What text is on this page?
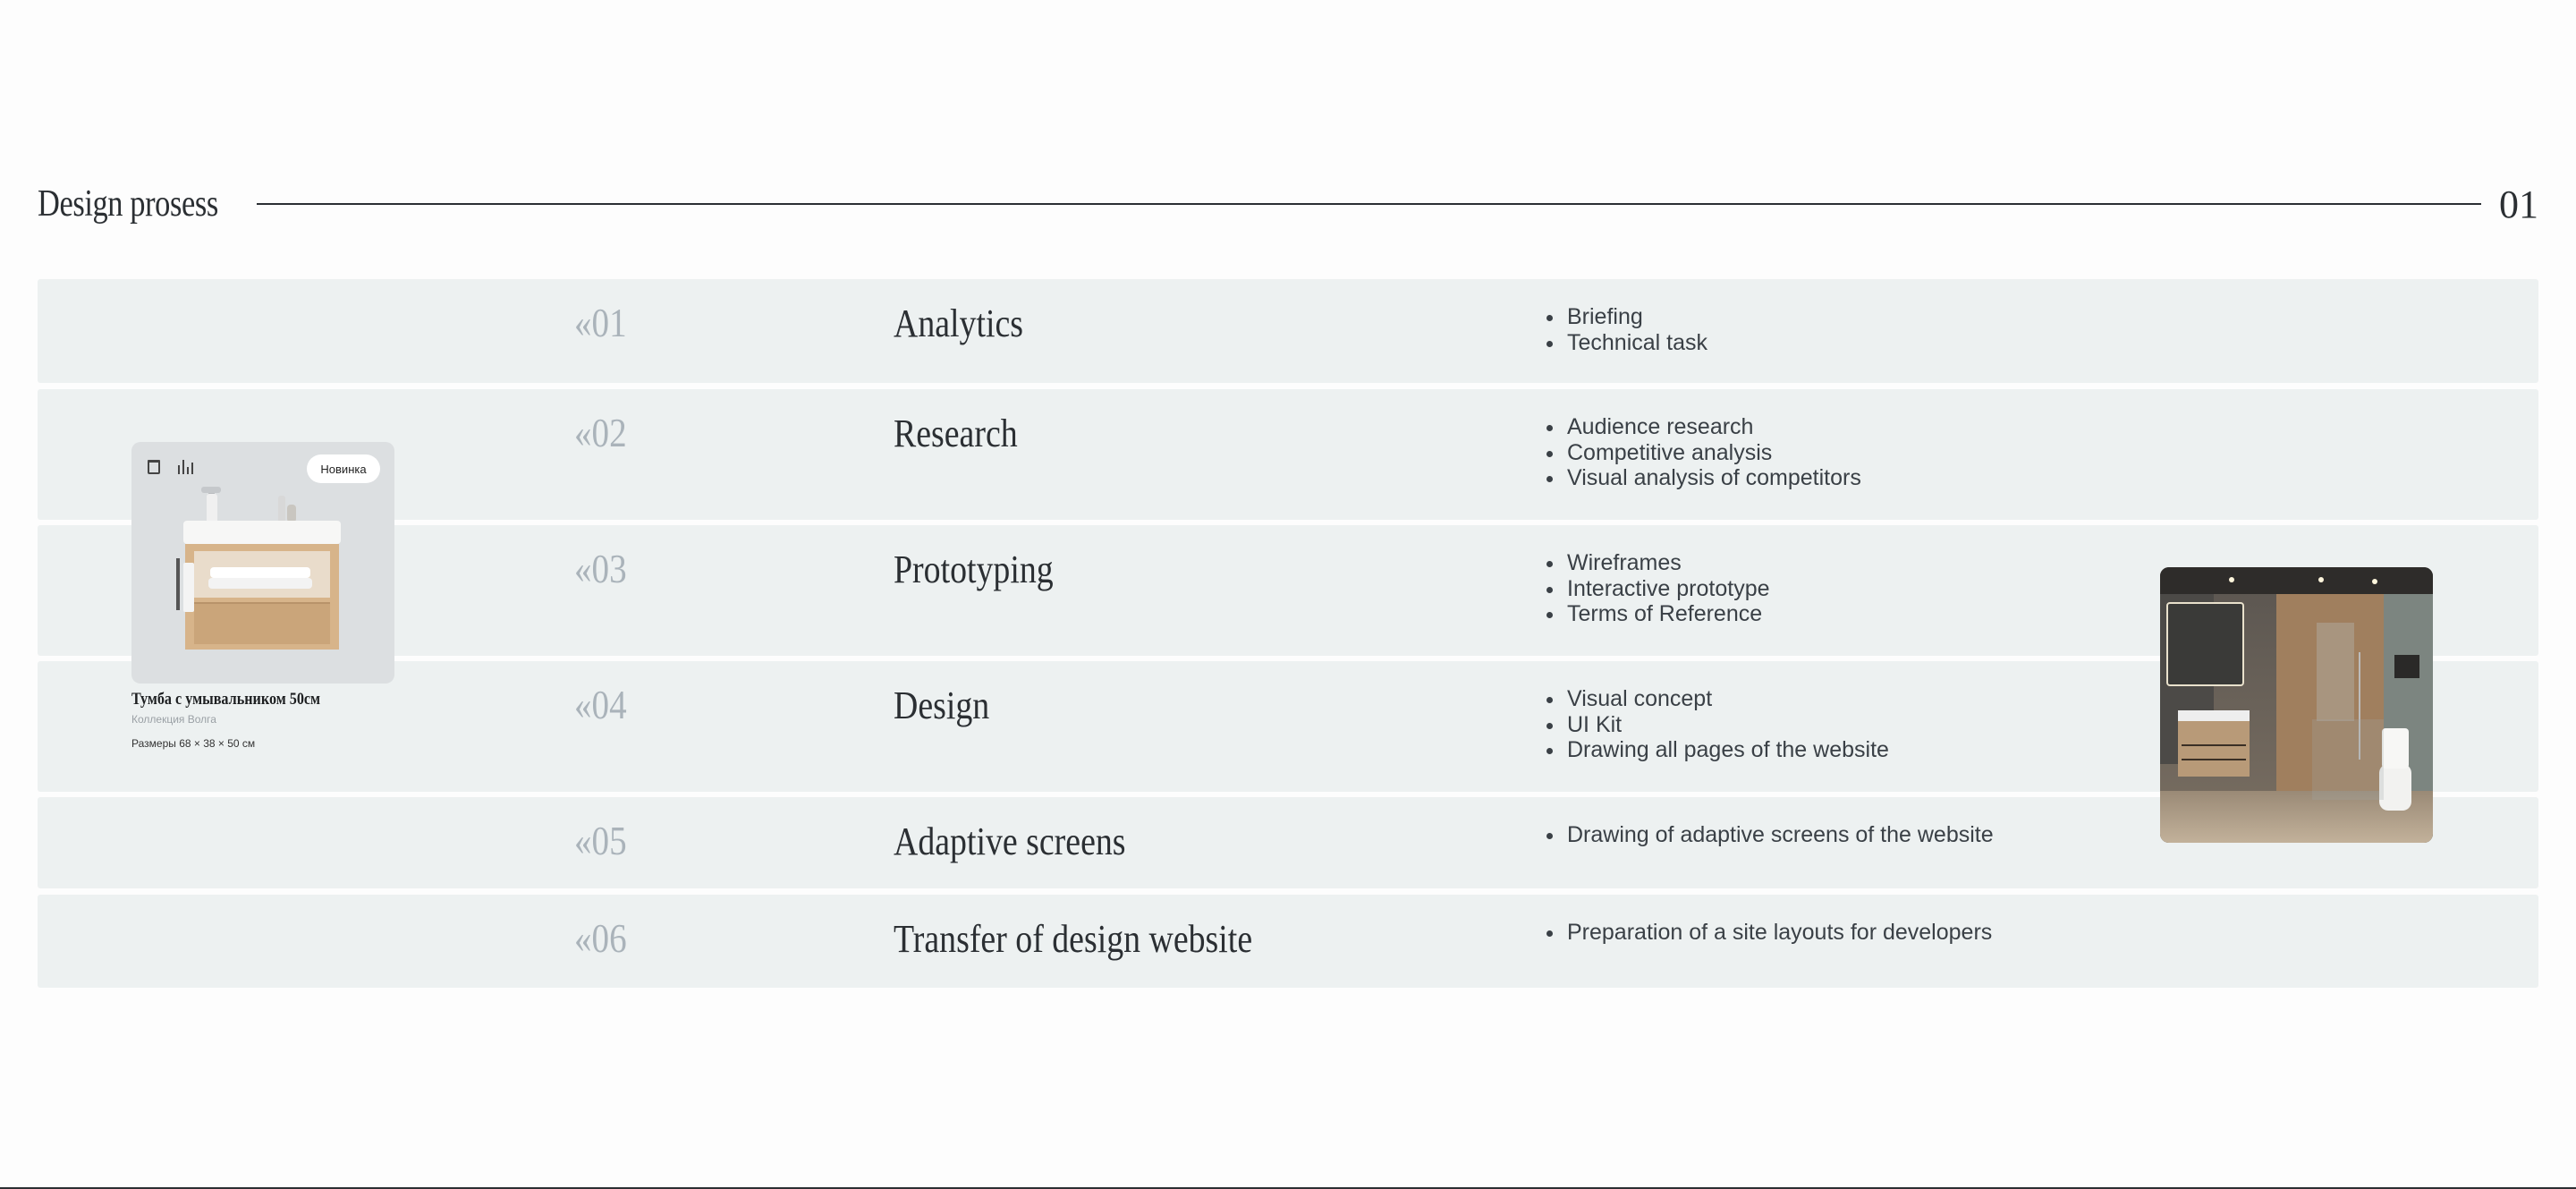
Design prosess	01
«01	Analytics	Briefing
Technical task
«02	Research	Audience research
Competitive analysis
Visual analysis of competitors
«03	Prototyping	Wireframes
Interactive prototype
Terms of Reference
«04	Design	Visual concept
UI Kit
Drawing all pages of the website
«05	Adaptive screens	Drawing of adaptive screens of the website
«06	Transfer of design website	Preparation of a site layouts for developers
Новинка
Тумба с умывальником 50см
Коллекция Волга
Размеры 68 × 38 × 50 см
